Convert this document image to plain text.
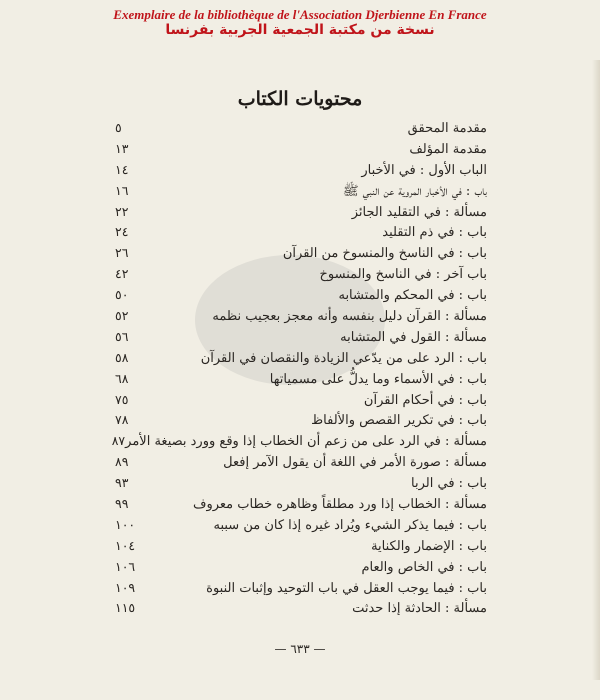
Exemplaire de la bibliothèque de l'Association Djerbienne En France
نسخة من مكتبة الجمعية الجربية بفرنسا
محتويات الكتاب
مقدمة المحقق
٥
مقدمة المؤلف
١٣
الباب الأول : في الأخبار
١٤
باب : في الأخبار المروية عن النبي ﷺ
١٦
مسألة : في التقليد الجائز
٢٢
باب : في ذم التقليد
٢٤
باب : في الناسخ والمنسوخ من القرآن
٢٦
باب آخر : في الناسخ والمنسوخ
٤٢
باب : في المحكم والمتشابه
٥٠
مسألة : القرآن دليل بنفسه وأنه معجز بعجيب نظمه
٥٢
مسألة : القول في المتشابه
٥٦
باب : الرد على من يدّعي الزيادة والنقصان في القرآن
٥٨
باب : في الأسماء وما يدلُّ على مسمياتها
٦٨
باب : في أحكام القرآن
٧٥
باب : في تكرير القصص والألفاظ
٧٨
مسألة : في الرد على من زعم أن الخطاب إذا وقع وورد بصيغة الأمر
٨٧
مسألة : صورة الأمر في اللغة أن يقول الآمر إفعل
٨٩
باب : في الربا
٩٣
مسألة : الخطاب إذا ورد مطلقاً وظاهره خطاب معروف
٩٩
باب : فيما يذكر الشيء ويُراد غيره إذا كان من سببه
١٠٠
باب : الإضمار والكناية
١٠٤
باب : في الخاص والعام
١٠٦
باب : فيما يوجب العقل في باب التوحيد وإثبات النبوة
١٠٩
مسألة : الحادثة إذا حدثت
١١٥
— ٦٣٣ —
